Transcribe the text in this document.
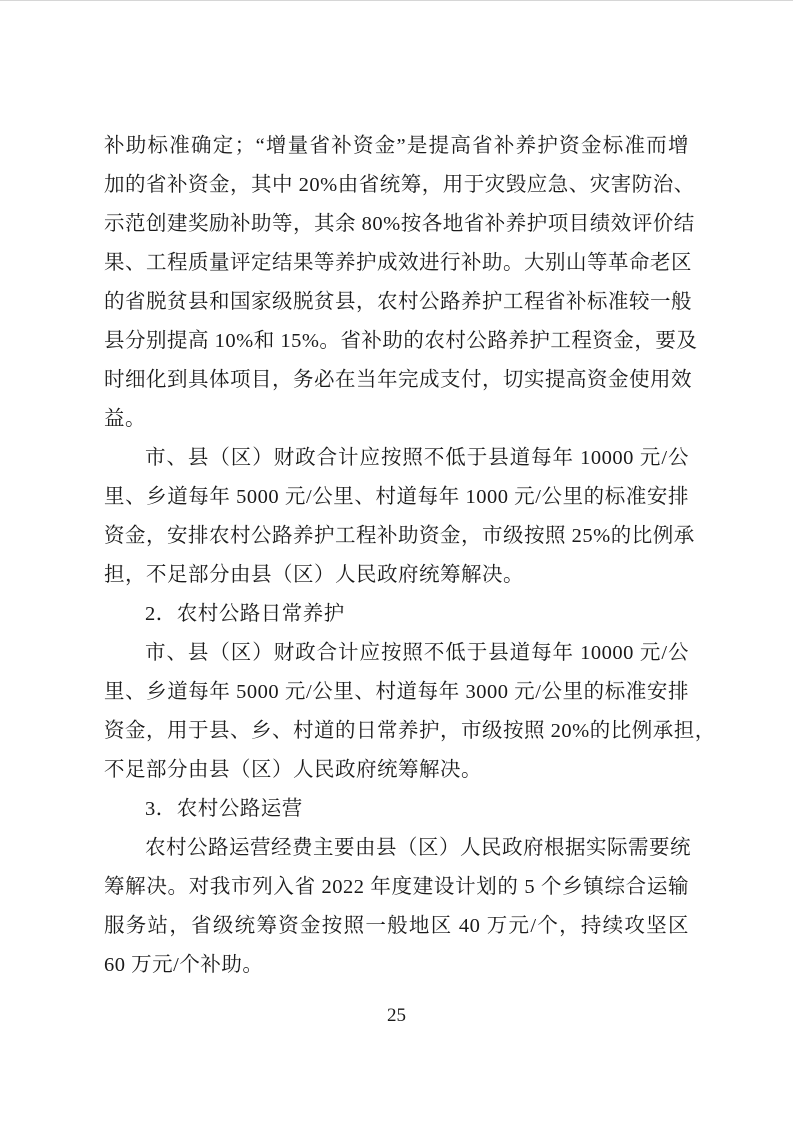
补助标准确定；“增量省补资金”是提高省补养护资金标准而增
加的省补资金，其中 20%由省统筹，用于灾毁应急、灾害防治、
示范创建奖励补助等，其余 80%按各地省补养护项目绩效评价结
果、工程质量评定结果等养护成效进行补助。大别山等革命老区
的省脱贫县和国家级脱贫县，农村公路养护工程省补标准较一般
县分别提高 10%和 15%。省补助的农村公路养护工程资金，要及
时细化到具体项目，务必在当年完成支付，切实提高资金使用效
益。
市、县（区）财政合计应按照不低于县道每年 10000 元/公
里、乡道每年 5000 元/公里、村道每年 1000 元/公里的标准安排
资金，安排农村公路养护工程补助资金，市级按照 25%的比例承
担，不足部分由县（区）人民政府统筹解决。
2．农村公路日常养护
市、县（区）财政合计应按照不低于县道每年 10000 元/公
里、乡道每年 5000 元/公里、村道每年 3000 元/公里的标准安排
资金，用于县、乡、村道的日常养护，市级按照 20%的比例承担，
不足部分由县（区）人民政府统筹解决。
3．农村公路运营
农村公路运营经费主要由县（区）人民政府根据实际需要统
筹解决。对我市列入省 2022 年度建设计划的 5 个乡镇综合运输
服务站，省级统筹资金按照一般地区 40 万元/个，持续攻坚区
60 万元/个补助。
25
